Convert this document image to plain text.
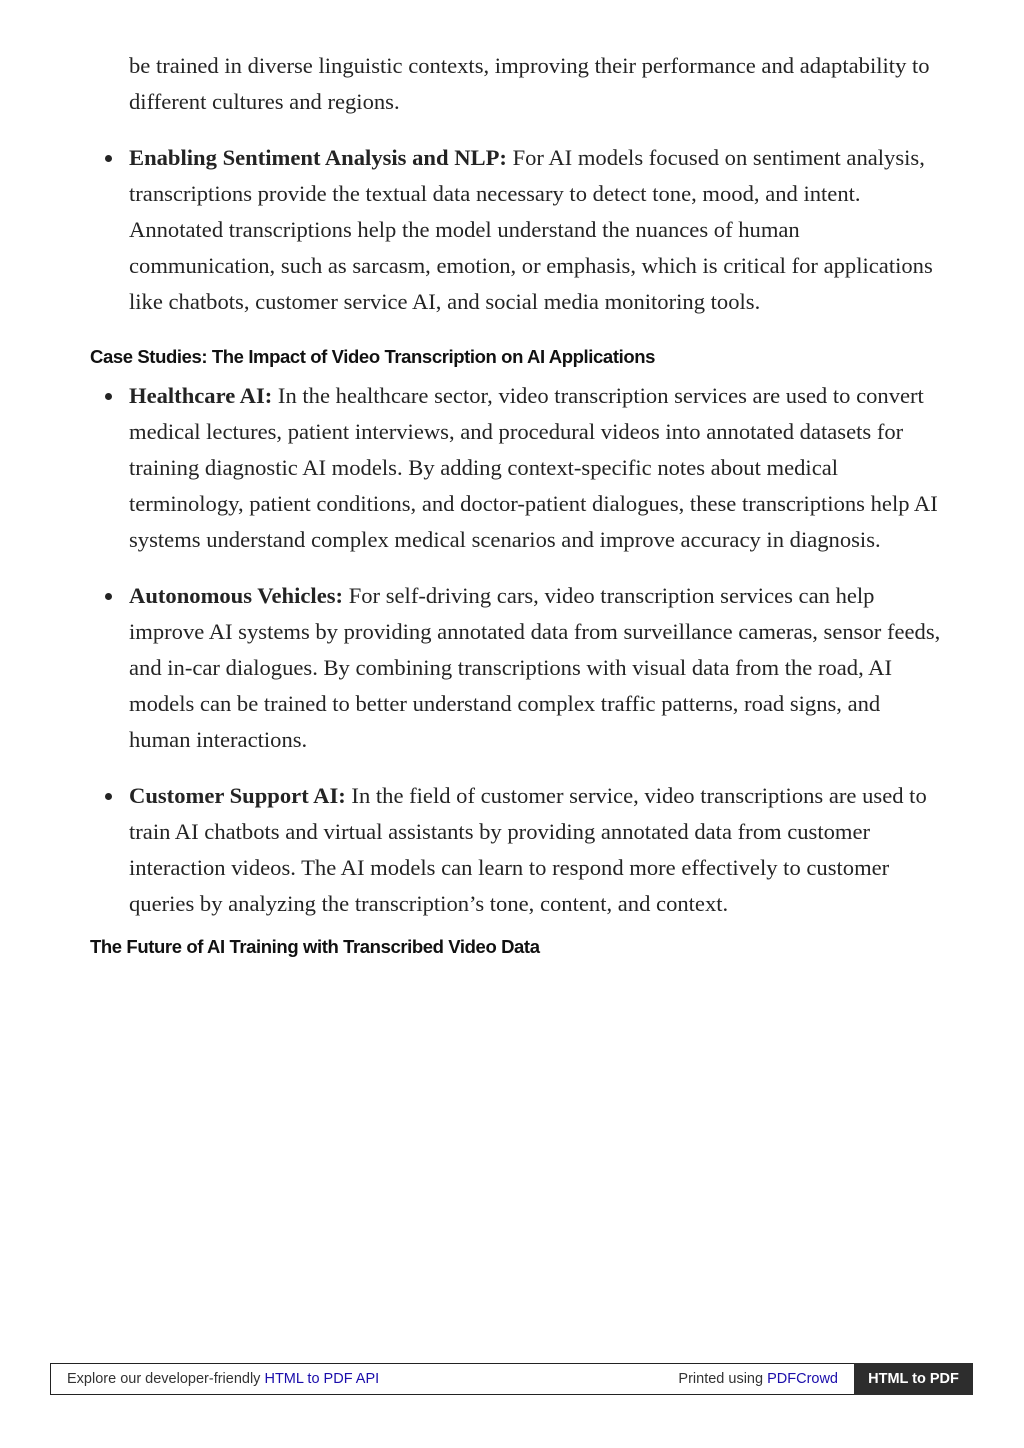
be trained in diverse linguistic contexts, improving their performance and adaptability to different cultures and regions.

Enabling Sentiment Analysis and NLP: For AI models focused on sentiment analysis, transcriptions provide the textual data necessary to detect tone, mood, and intent. Annotated transcriptions help the model understand the nuances of human communication, such as sarcasm, emotion, or emphasis, which is critical for applications like chatbots, customer service AI, and social media monitoring tools.
Case Studies: The Impact of Video Transcription on AI Applications
Healthcare AI: In the healthcare sector, video transcription services are used to convert medical lectures, patient interviews, and procedural videos into annotated datasets for training diagnostic AI models. By adding context-specific notes about medical terminology, patient conditions, and doctor-patient dialogues, these transcriptions help AI systems understand complex medical scenarios and improve accuracy in diagnosis.
Autonomous Vehicles: For self-driving cars, video transcription services can help improve AI systems by providing annotated data from surveillance cameras, sensor feeds, and in-car dialogues. By combining transcriptions with visual data from the road, AI models can be trained to better understand complex traffic patterns, road signs, and human interactions.
Customer Support AI: In the field of customer service, video transcriptions are used to train AI chatbots and virtual assistants by providing annotated data from customer interaction videos. The AI models can learn to respond more effectively to customer queries by analyzing the transcription’s tone, content, and context.
The Future of AI Training with Transcribed Video Data
Explore our developer-friendly HTML to PDF API	Printed using PDFCrowd	HTML to PDF
